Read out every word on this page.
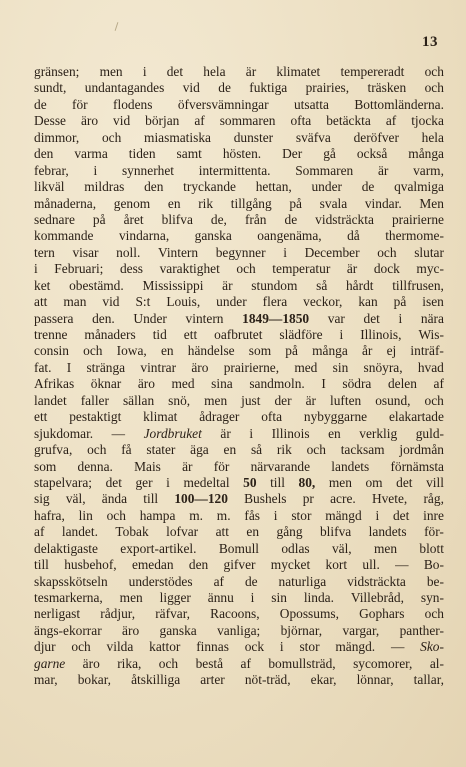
13
gränsen; men i det hela är klimatet tempereradt och
sundt, undantagandes vid de fuktiga prairies, träsken och
de för flodens öfversvämningar utsatta Bottomländerna.
Desse äro vid början af sommaren ofta betäckta af tjocka
dimmor, och miasmatiska dunster sväfva deröfver hela
den varma tiden samt hösten. Der gå också många
febrar, i synnerhet intermittenta. Sommaren är varm,
likväl mildras den tryckande hettan, under de qvalmiga
månaderna, genom en rik tillgång på svala vindar. Men
sednare på året blifva de, från de vidsträckta prairierne
kommande vindarna, ganska oangenäma, då thermome-
tern visar noll. Vintern begynner i December och slutar
i Februari; dess varaktighet och temperatur är dock myc-
ket obestämd. Mississippi är stundom så hårdt tillfrusen,
att man vid S:t Louis, under flera veckor, kan på isen
passera den. Under vintern 1849—1850 var det i nära
trenne månaders tid ett oafbrutet slädföre i Illinois, Wis-
consin och Iowa, en händelse som på många år ej inträf-
fat. I stränga vintrar äro prairierne, med sin snöyra, hvad
Afrikas öknar äro med sina sandmoln. I södra delen af
landet faller sällan snö, men just der är luften osund, och
ett pestaktigt klimat ådrager ofta nybyggarne elakartade
sjukdomar. — Jordbruket är i Illinois en verklig guld-
grufva, och få stater äga en så rik och tacksam jordmån
som denna. Mais är för närvarande landets förnämsta
stapelvara; det ger i medeltal 50 till 80, men om det vill
sig väl, ända till 100—120 Bushels pr acre. Hvete, råg,
hafra, lin och hampa m. m. fås i stor mängd i det inre
af landet. Tobak lofvar att en gång blifva landets för-
delaktigaste export-artikel. Bomull odlas väl, men blott
till husbehof, emedan den gifver mycket kort ull. — Bo-
skapsskötseln understödes af de naturliga vidsträckta be-
tesmarkerna, men ligger ännu i sin linda. Villebråd, syn-
nerligast rådjur, räfvar, Racoons, Opossums, Gophars och
ängs-ekorrar äro ganska vanliga; björnar, vargar, panther-
djur och vilda kattor finnas ock i stor mängd. — Sko-
garne äro rika, och bestå af bomullsträd, sycomorer, al-
mar, bokar, åtskilliga arter nöt-träd, ekar, lönnar, tallar,
